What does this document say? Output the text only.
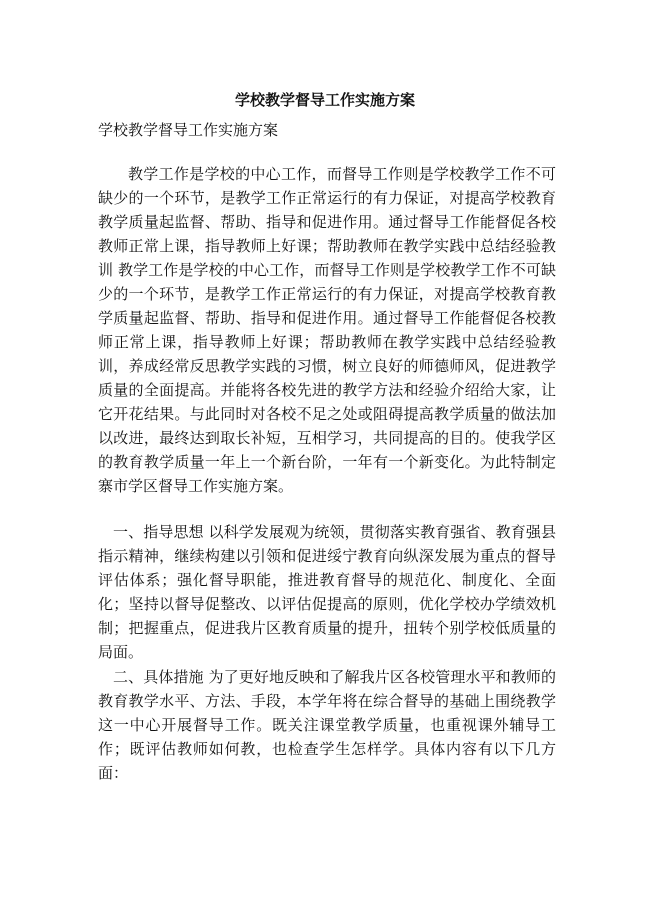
学校教学督导工作实施方案

学校教学督导工作实施方案

教学工作是学校的中心工作，而督导工作则是学校教学工作不可缺少的一个环节，是教学工作正常运行的有力保证，对提高学校教育教学质量起监督、帮助、指导和促进作用。通过督导工作能督促各校教师正常上课，指导教师上好课；帮助教师在教学实践中总结经验教训 教学工作是学校的中心工作，而督导工作则是学校教学工作不可缺少的一个环节，是教学工作正常运行的有力保证，对提高学校教育教学质量起监督、帮助、指导和促进作用。通过督导工作能督促各校教师正常上课，指导教师上好课；帮助教师在教学实践中总结经验教训，养成经常反思教学实践的习惯，树立良好的师德师风，促进教学质量的全面提高。并能将各校先进的教学方法和经验介绍给大家，让它开花结果。与此同时对各校不足之处或阻碍提高教学质量的做法加以改进，最终达到取长补短，互相学习，共同提高的目的。使我学区的教育教学质量一年上一个新台阶，一年有一个新变化。为此特制定寨市学区督导工作实施方案。

一、指导思想 以科学发展观为统领，贯彻落实教育强省、教育强县指示精神，继续构建以引领和促进绥宁教育向纵深发展为重点的督导评估体系；强化督导职能，推进教育督导的规范化、制度化、全面化；坚持以督导促整改、以评估促提高的原则，优化学校办学绩效机制；把握重点，促进我片区教育质量的提升，扭转个别学校低质量的局面。

二、具体措施 为了更好地反映和了解我片区各校管理水平和教师的教育教学水平、方法、手段，本学年将在综合督导的基础上围绕教学这一中心开展督导工作。既关注课堂教学质量，也重视课外辅导工作；既评估教师如何教，也检查学生怎样学。具体内容有以下几方面：
